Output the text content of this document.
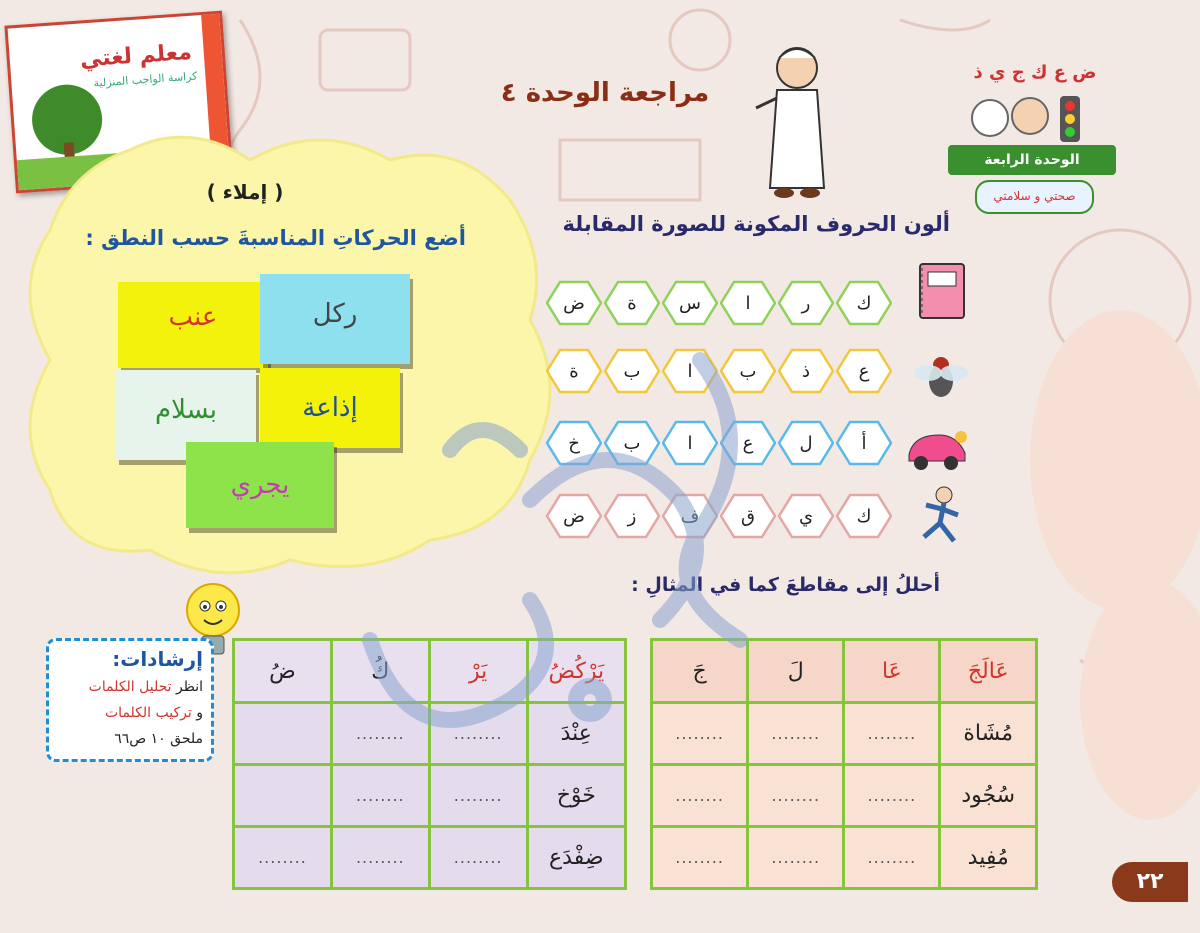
معلم لغتي
كراسة الواجب المنزلية	مراجعة الوحدة ٤
ض ع ك ج ي ذ
الوحدة الرابعة
صحتي و سلامتي
( إملاء )
أضع الحركاتِ المناسبةَ حسب النطق :
عنب	ركل
بسلام	إذاعة
يجري
ألون الحروف المكونة للصورة المقابلة
ك
ر
ا
س
ة
ض
ع
ذ
ب
ا
ب
ة
أ
ل
ع
ا
ب
خ
ك
ي
ق
ف
ز
ض
أحللُ إلى مقاطعَ كما في المثالِ :
عَالَجَ	عَا	لَ	جَ
مُشَاة	........	........	........
سُجُود	........	........	........
مُفِيد	........	........	........
يَرْكُضُ	يَرْ	كُ	ضُ
عِنْدَ	........	........	
خَوْخ	........	........	
ضِفْدَع	........	........	........
إرشادات:
انظر تحليل الكلمات
و تركيب الكلمات
ملحق ١٠ ص٦٦
٢٢
